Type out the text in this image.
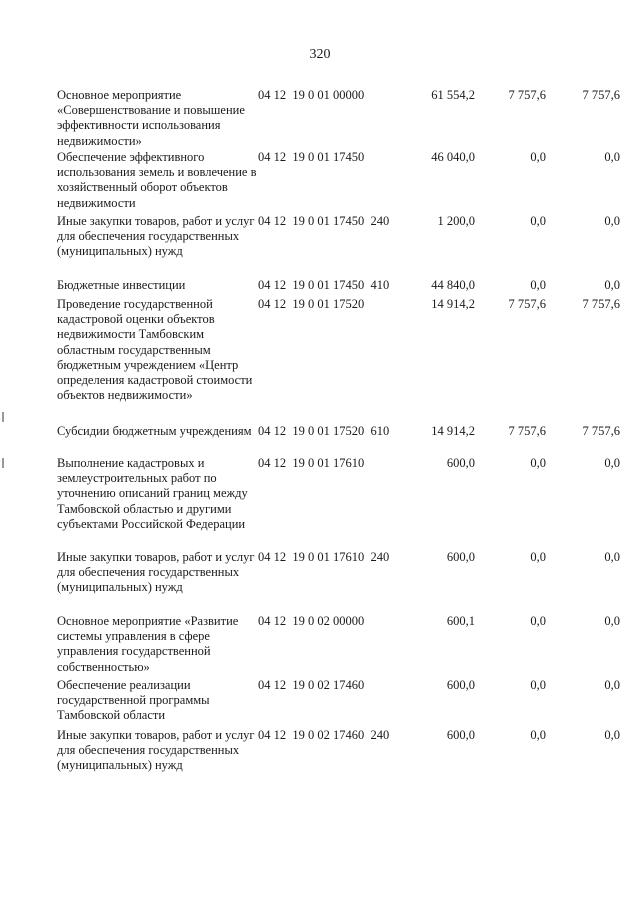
320
Основное мероприятие «Совершенствование и повышение эффективности использования недвижимости»
04 12  19 0 01 00000	61 554,2	7 757,6	7 757,6
Обеспечение эффективного использования земель и вовлечение в хозяйственный оборот объектов недвижимости
04 12  19 0 01 17450	46 040,0	0,0	0,0
Иные закупки товаров, работ и услуг для обеспечения государственных (муниципальных) нужд
04 12  19 0 01 17450  240	1 200,0	0,0	0,0
Бюджетные инвестиции	04 12  19 0 01 17450  410	44 840,0	0,0	0,0
Проведение государственной кадастровой оценки объектов недвижимости Тамбовским областным государственным бюджетным учреждением «Центр определения кадастровой стоимости объектов недвижимости»
04 12  19 0 01 17520	14 914,2	7 757,6	7 757,6
Субсидии бюджетным учреждениям 04 12  19 0 01 17520  610	14 914,2	7 757,6	7 757,6
Выполнение кадастровых и землеустроительных работ по уточнению описаний границ между Тамбовской областью и другими субъектами Российской Федерации
04 12  19 0 01 17610	600,0	0,0	0,0
Иные закупки товаров, работ и услуг для обеспечения государственных (муниципальных) нужд
04 12  19 0 01 17610  240	600,0	0,0	0,0
Основное мероприятие «Развитие системы управления в сфере управления государственной собственностью»
04 12  19 0 02 00000	600,1	0,0	0,0
Обеспечение реализации государственной программы Тамбовской области
04 12  19 0 02 17460	600,0	0,0	0,0
Иные закупки товаров, работ и услуг для обеспечения государственных (муниципальных) нужд
04 12  19 0 02 17460  240	600,0	0,0	0,0
